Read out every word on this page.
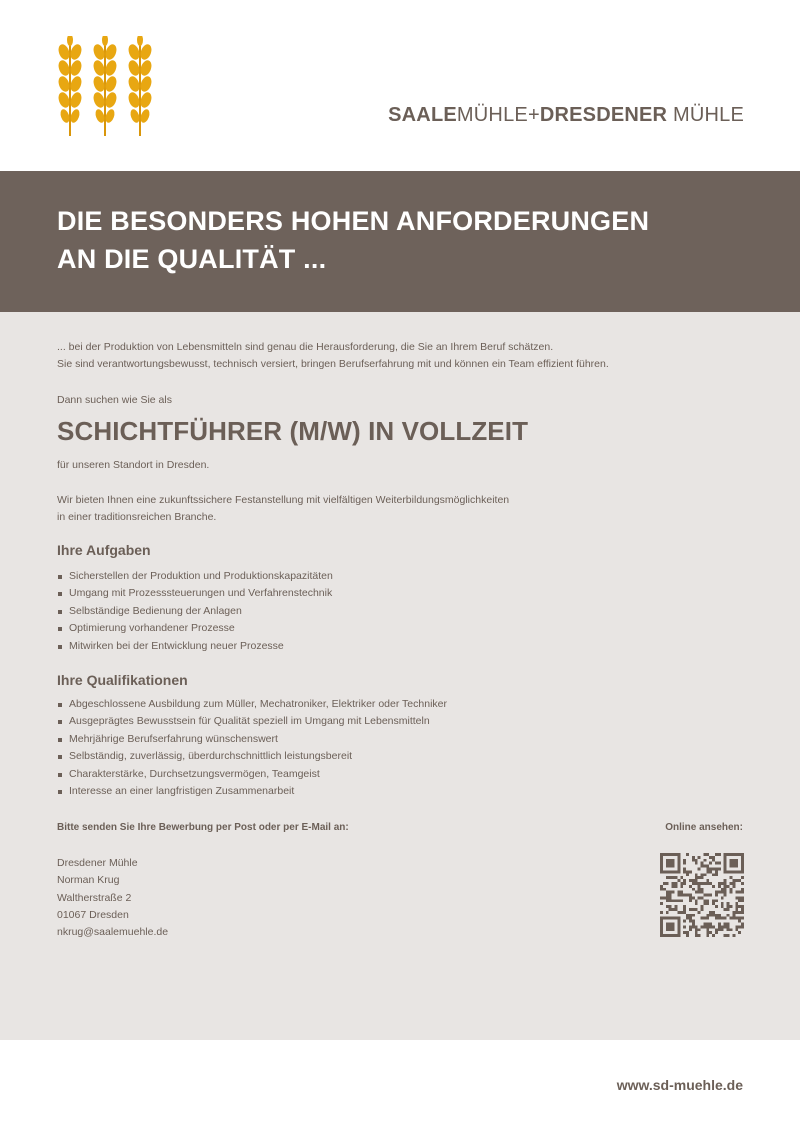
SAALEMÜHLE+DRESDENER MÜHLE
DIE BESONDERS HOHEN ANFORDERUNGEN
AN DIE QUALITÄT ...

... bei der Produktion von Lebensmitteln sind genau die Herausforderung, die Sie an Ihrem Beruf schätzen.
Sie sind verantwortungsbewusst, technisch versiert, bringen Berufserfahrung mit und können ein Team effizient führen.

Dann suchen wie Sie als

SCHICHTFÜHRER (M/W) IN VOLLZEIT

für unseren Standort in Dresden.

Wir bieten Ihnen eine zukunftssichere Festanstellung mit vielfältigen Weiterbildungsmöglichkeiten
in einer traditionsreichen Branche.

Ihre Aufgaben
Sicherstellen der Produktion und Produktionskapazitäten
Umgang mit Prozesssteuerungen und Verfahrenstechnik
Selbständige Bedienung der Anlagen
Optimierung vorhandener Prozesse
Mitwirken bei der Entwicklung neuer Prozesse
Ihre Qualifikationen
Abgeschlossene Ausbildung zum Müller, Mechatroniker, Elektriker oder Techniker
Ausgeprägtes Bewusstsein für Qualität speziell im Umgang mit Lebensmitteln
Mehrjährige Berufserfahrung wünschenswert
Selbständig, zuverlässig, überdurchschnittlich leistungsbereit
Charakterstärke, Durchsetzungsvermögen, Teamgeist
Interesse an einer langfristigen Zusammenarbeit
Bitte senden Sie Ihre Bewerbung per Post oder per E-Mail an:	Online ansehen:
Dresdener Mühle
Norman Krug
Waltherstraße 2
01067 Dresden
nkrug@saalemuehle.de
www.sd-muehle.de
